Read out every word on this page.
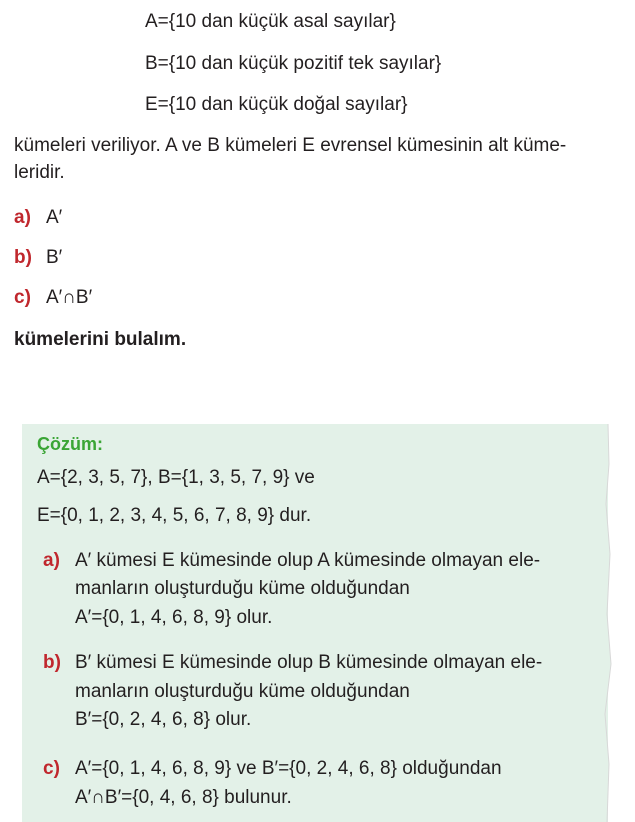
A={10 dan küçük asal sayılar}
B={10 dan küçük pozitif tek sayılar}
E={10 dan küçük doğal sayılar}
kümeleri veriliyor. A ve B kümeleri E evrensel kümesinin alt küme-
leridir.
a) A′
b) B′
c) A′∩B′
kümelerini bulalım.
Çözüm:
A={2, 3, 5, 7}, B={1, 3, 5, 7, 9} ve
E={0, 1, 2, 3, 4, 5, 6, 7, 8, 9} dur.
a) A′ kümesi E kümesinde olup A kümesinde olmayan ele-
manların oluşturduğu küme olduğundan
A′={0, 1, 4, 6, 8, 9} olur.
b) B′ kümesi E kümesinde olup B kümesinde olmayan ele-
manların oluşturduğu küme olduğundan
B′={0, 2, 4, 6, 8} olur.
c) A′={0, 1, 4, 6, 8, 9} ve B′={0, 2, 4, 6, 8} olduğundan
A′∩B′={0, 4, 6, 8} bulunur.
